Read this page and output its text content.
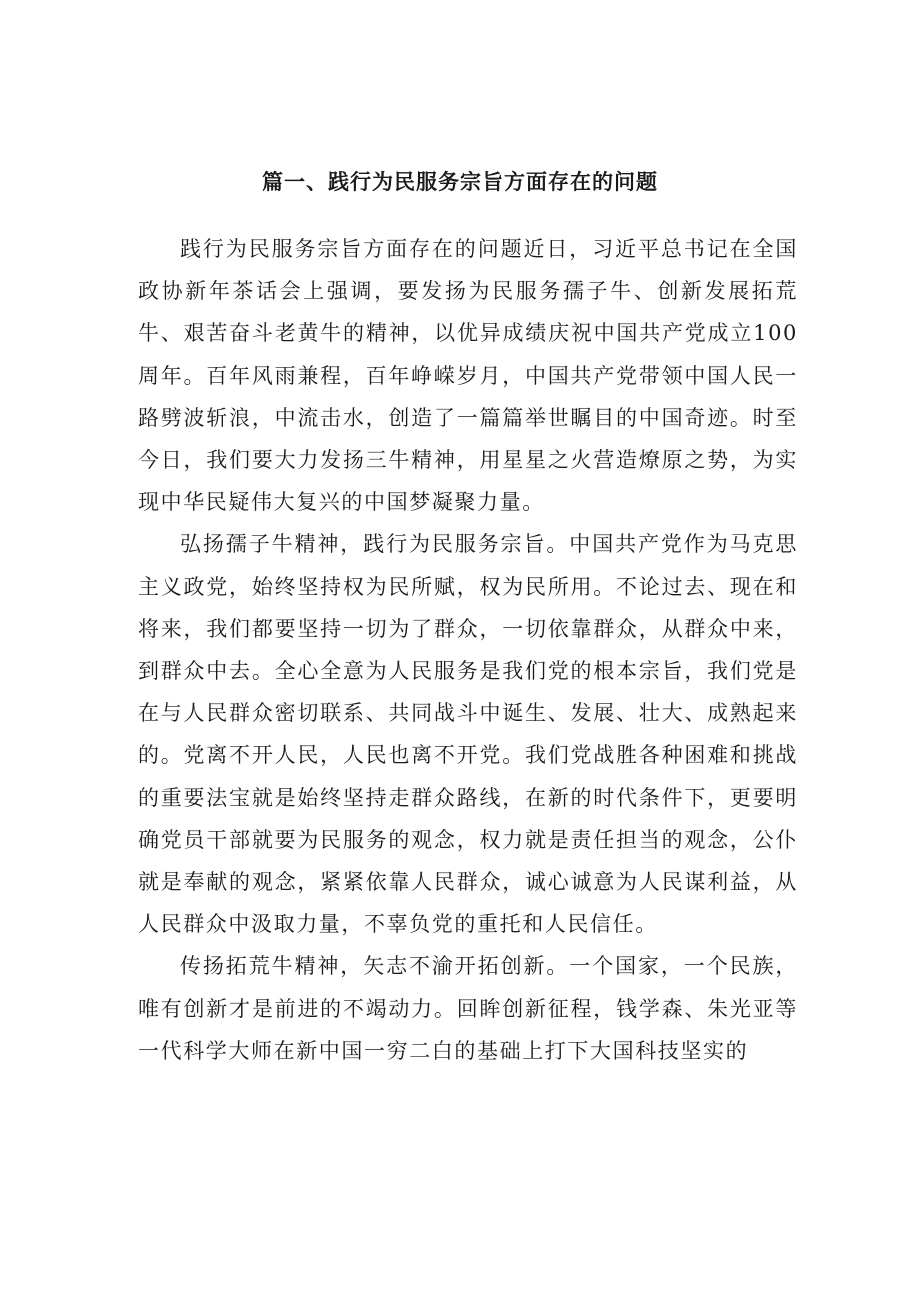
篇一、践行为民服务宗旨方面存在的问题

践行为民服务宗旨方面存在的问题近日，习近平总书记在全国政协新年茶话会上强调，要发扬为民服务孺子牛、创新发展拓荒牛、艰苦奋斗老黄牛的精神，以优异成绩庆祝中国共产党成立100周年。百年风雨兼程，百年峥嵘岁月，中国共产党带领中国人民一路劈波斩浪，中流击水，创造了一篇篇举世瞩目的中国奇迹。时至今日，我们要大力发扬三牛精神，用星星之火营造燎原之势，为实现中华民疑伟大复兴的中国梦凝聚力量。

弘扬孺子牛精神，践行为民服务宗旨。中国共产党作为马克思主义政党，始终坚持权为民所赋，权为民所用。不论过去、现在和将来，我们都要坚持一切为了群众，一切依靠群众，从群众中来，到群众中去。全心全意为人民服务是我们党的根本宗旨，我们党是在与人民群众密切联系、共同战斗中诞生、发展、壮大、成熟起来的。党离不开人民，人民也离不开党。我们党战胜各种困难和挑战的重要法宝就是始终坚持走群众路线，在新的时代条件下，更要明确党员干部就要为民服务的观念，权力就是责任担当的观念，公仆就是奉献的观念，紧紧依靠人民群众，诚心诚意为人民谋利益，从人民群众中汲取力量，不辜负党的重托和人民信任。

传扬拓荒牛精神，矢志不渝开拓创新。一个国家，一个民族，唯有创新才是前进的不竭动力。回眸创新征程，钱学森、朱光亚等一代科学大师在新中国一穷二白的基础上打下大国科技坚实的
